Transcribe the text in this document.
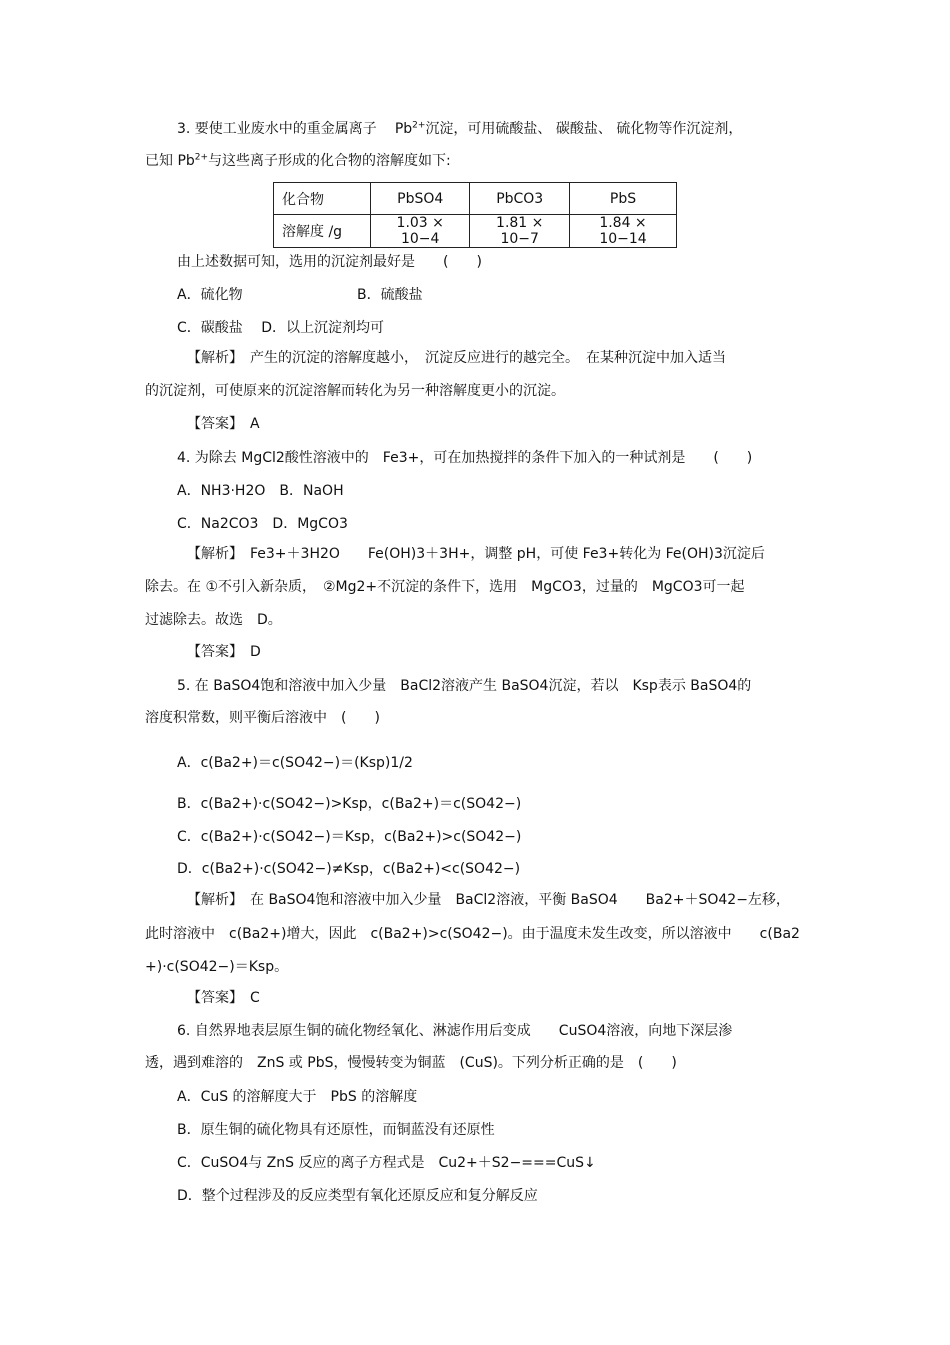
3. 要使工业废水中的重金属离子 $Pb^{2+}$沉淀，可用硫酸盐、 碳酸盐、 硫化物等作沉淀剂，
已知 $Pb^{2+}$与这些离子形成的化合物的溶解度如下:
化合物	PbSO4	PbCO3	PbS
溶解度 /g	1.03 × 10−4	1.81 × 10−7	1.84 × 10−14
由上述数据可知，选用的沉淀剂最好是　　(　　)
A．硫化物	B．硫酸盐
C．碳酸盐　 D．以上沉淀剂均可
【解析】　产生的沉淀的溶解度越小，　沉淀反应进行的越完全。　在某种沉淀中加入适当
的沉淀剂，可使原来的沉淀溶解而转化为另一种溶解度更小的沉淀。
【答案】　A
4. 为除去 MgCl2酸性溶液中的　Fe3+，可在加热搅拌的条件下加入的一种试剂是　　(　　)
A．NH3·H2O　B．NaOH
C．Na2CO3　D．MgCO3
【解析】　Fe3+＋3H2O　　Fe(OH)3＋3H+，调整 pH，可使 Fe3+转化为 Fe(OH)3沉淀后
除去。在 ①不引入新杂质，　②Mg2+不沉淀的条件下，选用　MgCO3，过量的　MgCO3可一起
过滤除去。故选　D。
【答案】　D
5. 在 BaSO4饱和溶液中加入少量　BaCl2溶液产生 BaSO4沉淀，若以　Ksp表示 BaSO4的
溶度积常数，则平衡后溶液中　(　　)
A．c(Ba2+)＝c(SO42−)＝(Ksp)1/2
B．c(Ba2+)·c(SO42−)>Ksp，c(Ba2+)＝c(SO42−)
C．c(Ba2+)·c(SO42−)＝Ksp，c(Ba2+)>c(SO42−)
D．c(Ba2+)·c(SO42−)≠Ksp，c(Ba2+)<c(SO42−)
【解析】　在 BaSO4饱和溶液中加入少量　BaCl2溶液，平衡 BaSO4　　Ba2+＋SO42−左移，
此时溶液中　c(Ba2+)增大，因此　c(Ba2+)>c(SO42−)。由于温度未发生改变，所以溶液中　　c(Ba2
+)·c(SO42−)＝Ksp。
【答案】　C
6. 自然界地表层原生铜的硫化物经氧化、淋滤作用后变成　　CuSO4溶液，向地下深层渗
透，遇到难溶的　ZnS 或 PbS，慢慢转变为铜蓝　(CuS)。下列分析正确的是　(　　)
A．CuS 的溶解度大于　PbS 的溶解度
B．原生铜的硫化物具有还原性，而铜蓝没有还原性
C．CuSO4与 ZnS 反应的离子方程式是　Cu2+＋S2−===CuS↓
D．整个过程涉及的反应类型有氧化还原反应和复分解反应
